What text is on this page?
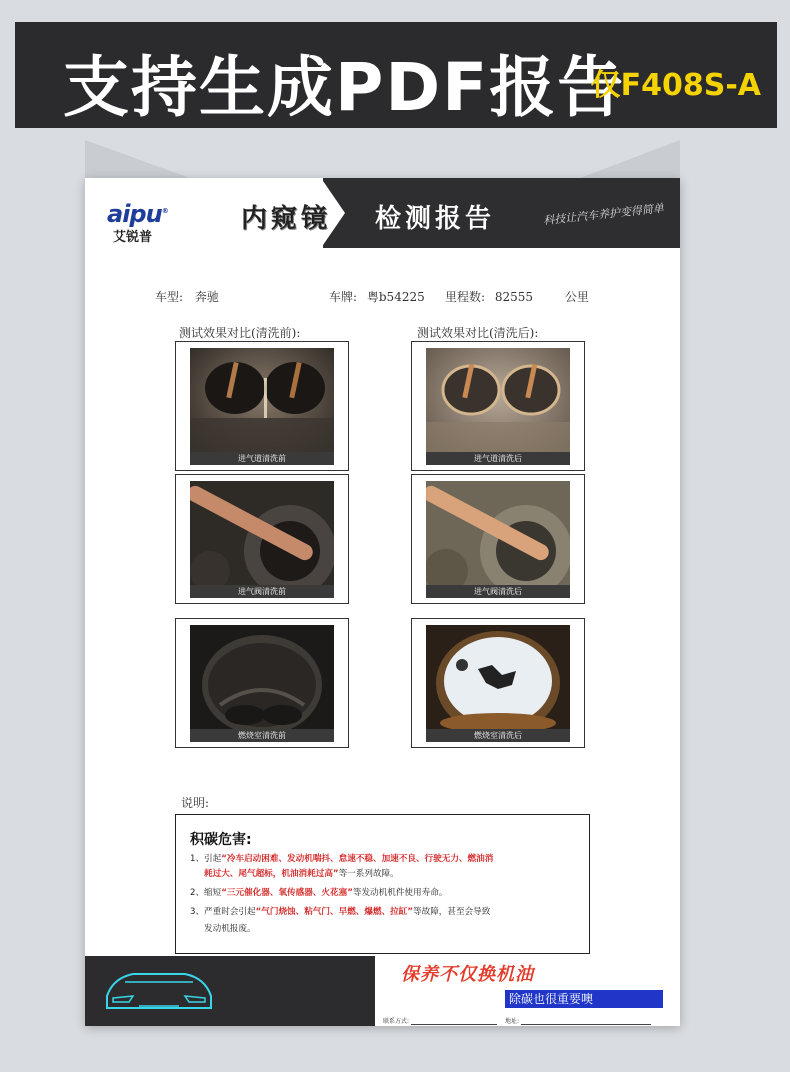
支持生成PDF报告
仅F408S-A
aipu®
艾锐普
内窥镜 检测报告	科技让汽车养护变得简单
车型: 奔驰	车牌: 粤b54225 里程数: 82555	公里
测试效果对比(清洗前):	测试效果对比(清洗后):
进气道清洗前	进气道清洗后
进气阀清洗前	进气阀清洗后
燃烧室清洗前	燃烧室清洗后
说明:
积碳危害:
1、引起“冷车启动困难、发动机喘抖、怠速不稳、加速不良、行驶无力、燃油消
耗过大、尾气超标，机油消耗过高”等一系列故障。
2、缩短“三元催化器、氧传感器、火花塞”等发动机机件使用寿命。
3、严重时会引起“气门烧蚀、粘气门、早燃、爆燃、拉缸”等故障，甚至会导致
发动机报废。
保养不仅换机油
除碳也很重要噢
联系方式:	地址:
